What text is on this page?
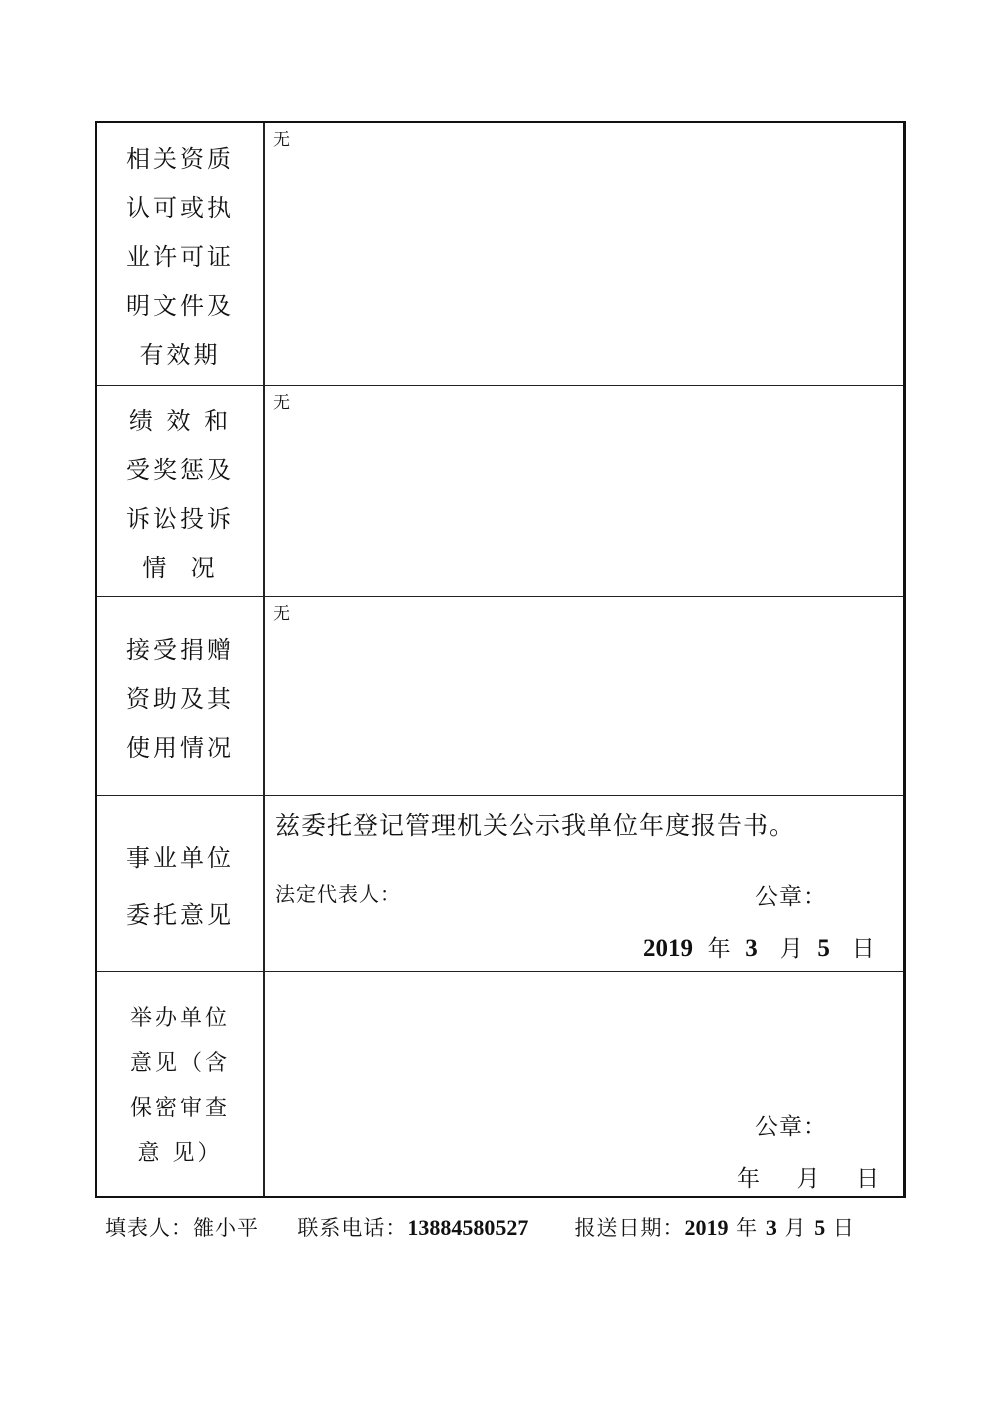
相关资质
认可或执
业许可证
明文件及
有效期
无
绩 效 和
受奖惩及
诉讼投诉
情  况
无
接受捐赠
资助及其
使用情况
无
事业单位
委托意见
兹委托登记管理机关公示我单位年度报告书。
法定代表人：	公章：
2019 年 3 月 5 日
举办单位
意见（含
保密审查
意 见）
公章：
年 月 日
填表人：雒小平 联系电话：13884580527 报送日期：2019 年 3 月 5 日
